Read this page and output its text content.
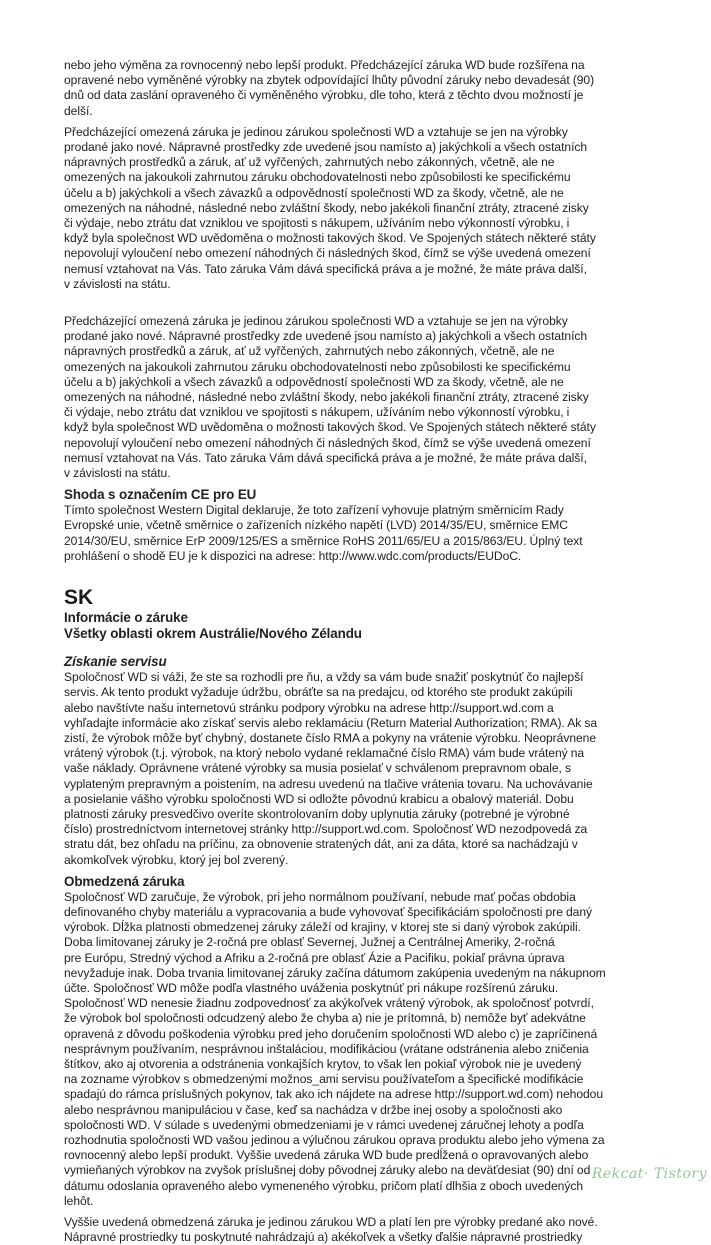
nebo jeho výměna za rovnocenný nebo lepší produkt. Předcházející záruka WD bude rozšířena na
opravené nebo vyměněné výrobky na zbytek odpovídající lhůty původní záruky nebo devadesát (90)
dnů od data zaslání opraveného či vyměněného výrobku, dle toho, která z těchto dvou možností je
delší.

Předcházející omezená záruka je jedinou zárukou společnosti WD a vztahuje se jen na výrobky
prodané jako nové. Nápravné prostředky zde uvedené jsou namísto a) jakýchkoli a všech ostatních
nápravných prostředků a záruk, ať už vyřčených, zahrnutých nebo zákonných, včetně, ale ne
omezených na jakoukoli zahrnutou záruku obchodovatelnosti nebo způsobilosti ke specifickému
účelu a b) jakýchkoli a všech závazků a odpovědností společnosti WD za škody, včetně, ale ne
omezených na náhodné, následné nebo zvláštní škody, nebo jakékoli finanční ztráty, ztracené zisky
či výdaje, nebo ztrátu dat vzniklou ve spojitosti s nákupem, užíváním nebo výkonností výrobku, i
když byla společnost WD uvědoměna o možnosti takových škod. Ve Spojených státech některé státy
nepovolují vyloučení nebo omezení náhodných či následných škod, čímž se výše uvedená omezení
nemusí vztahovat na Vás. Tato záruka Vám dává specifická práva a je možné, že máte práva další,
v závislosti na státu.

Předcházející omezená záruka je jedinou zárukou společnosti WD a vztahuje se jen na výrobky
prodané jako nové. Nápravné prostředky zde uvedené jsou namísto a) jakýchkoli a všech ostatních
nápravných prostředků a záruk, ať už vyřčených, zahrnutých nebo zákonných, včetně, ale ne
omezených na jakoukoli zahrnutou záruku obchodovatelnosti nebo způsobilosti ke specifickému
účelu a b) jakýchkoli a všech závazků a odpovědností společnosti WD za škody, včetně, ale ne
omezených na náhodné, následné nebo zvláštní škody, nebo jakékoli finanční ztráty, ztracené zisky
či výdaje, nebo ztrátu dat vzniklou ve spojitosti s nákupem, užíváním nebo výkonností výrobku, i
když byla společnost WD uvědoměna o možnosti takových škod. Ve Spojených státech některé státy
nepovolují vyloučení nebo omezení náhodných či následných škod, čímž se výše uvedená omezení
nemusí vztahovat na Vás. Tato záruka Vám dává specifická práva a je možné, že máte práva další,
v závislosti na státu.

Shoda s označením CE pro EU

Tímto společnost Western Digital deklaruje, že toto zařízení vyhovuje platným směrnicím Rady
Evropské unie, včetně směrnice o zařízeních nízkého napětí (LVD) 2014/35/EU, směrnice EMC
2014/30/EU, směrnice ErP 2009/125/ES a směrnice RoHS 2011/65/EU a 2015/863/EU. Úplný text
prohlášení o shodě EU je k dispozici na adrese: http://www.wdc.com/products/EUDoC.

SK
Informácie o záruke
Všetky oblasti okrem Austrálie/Nového Zélandu
Získanie servisu

Spoločnosť WD si váži, že ste sa rozhodli pre ňu, a vždy sa vám bude snažiť poskytnúť čo najlepší
servis. Ak tento produkt vyžaduje údržbu, obráťte sa na predajcu, od ktorého ste produkt zakúpili
alebo navštívte našu internetovú stránku podpory výrobku na adrese http://support.wd.com a
vyhľadajte informácie ako získať servis alebo reklamáciu (Return Material Authorization; RMA). Ak sa
zistí, že výrobok môže byť chybný, dostanete číslo RMA a pokyny na vrátenie výrobku. Neoprávnene
vrátený výrobok (t.j. výrobok, na ktorý nebolo vydané reklamačné číslo RMA) vám bude vrátený na
vaše náklady. Oprávnene vrátené výrobky sa musia posielať v schválenom prepravnom obale, s
vyplateným prepravným a poistením, na adresu uvedenú na tlačive vrátenia tovaru. Na uchovávanie
a posielanie vášho výrobku spoločnosti WD si odložte pôvodnú krabicu a obalový materiál. Dobu
platnosti záruky presvedčivo overíte skontrolovaním doby uplynutia záruky (potrebné je výrobné
číslo) prostredníctvom internetovej stránky http://support.wd.com. Spoločnosť WD nezodpovedá za
stratu dát, bez ohľadu na príčinu, za obnovenie stratených dát, ani za dáta, ktoré sa nachádzajú v
akomkoľvek výrobku, ktorý jej bol zverený.

Obmedzená záruka

Spoločnosť WD zaručuje, že výrobok, pri jeho normálnom používaní, nebude mať počas obdobia
definovaného chyby materiálu a vypracovania a bude vyhovovať špecifikáciám spoločnosti pre daný
výrobok. Dĺžka platnosti obmedzenej záruky záleží od krajiny, v ktorej ste si daný výrobok zakúpili.
Doba limitovanej záruky je 2-ročná pre oblasť Severnej, Južnej a Centrálnej Ameriky, 2-ročná
pre Európu, Stredný východ a Afriku a 2-ročná pre oblasť Ázie a Pacifiku, pokiaľ právna úprava
nevyžaduje inak. Doba trvania limitovanej záruky začína dátumom zakúpenia uvedeným na nákupnom
účte. Spoločnosť WD môže podľa vlastného uváženia poskytnúť pri nákupe rozšírenú záruku.
Spoločnosť WD nenesie žiadnu zodpovednosť za akýkoľvek vrátený výrobok, ak spoločnosť potvrdí,
že výrobok bol spoločnosti odcudzený alebo že chyba a) nie je prítomná, b) nemôže byť adekvátne
opravená z dôvodu poškodenia výrobku pred jeho doručením spoločnosti WD alebo c) je zapríčinená
nesprávnym používaním, nesprávnou inštaláciou, modifikáciou (vrátane odstránenia alebo zničenia
štítkov, ako aj otvorenia a odstránenia vonkajších krytov, to však len pokiaľ výrobok nie je uvedený
na zozname výrobkov s obmedzenými možnos_ami servisu používateľom a špecifické modifikácie
spadajú do rámca príslušných pokynov, tak ako ich nájdete na adrese http://support.wd.com) nehodou
alebo nesprávnou manipuláciou v čase, keď sa nachádza v držbe inej osoby a spoločnosti ako
spoločnosti WD. V súlade s uvedenými obmedzeniami je v rámci uvedenej záručnej lehoty a podľa
rozhodnutia spoločnosti WD vašou jedinou a výlučnou zárukou oprava produktu alebo jeho výmena za
rovnocenný alebo lepší produkt. Vyššie uvedená záruka WD bude predĺžená o opravovaných alebo
vymieňaných výrobkov na zvyšok príslušnej doby pôvodnej záruky alebo na deväťdesiat (90) dní od
dátumu odoslania opraveného alebo vymeneného výrobku, pričom platí dlhšia z oboch uvedených
lehôt.

Vyššie uvedená obmedzená záruka je jedinou zárukou WD a platí len pre výrobky predané ako nové.
Nápravné prostriedky tu poskytnuté nahrádzajú a) akékoľvek a všetky ďalšie nápravné prostriedky

Rekcat· Tistory
